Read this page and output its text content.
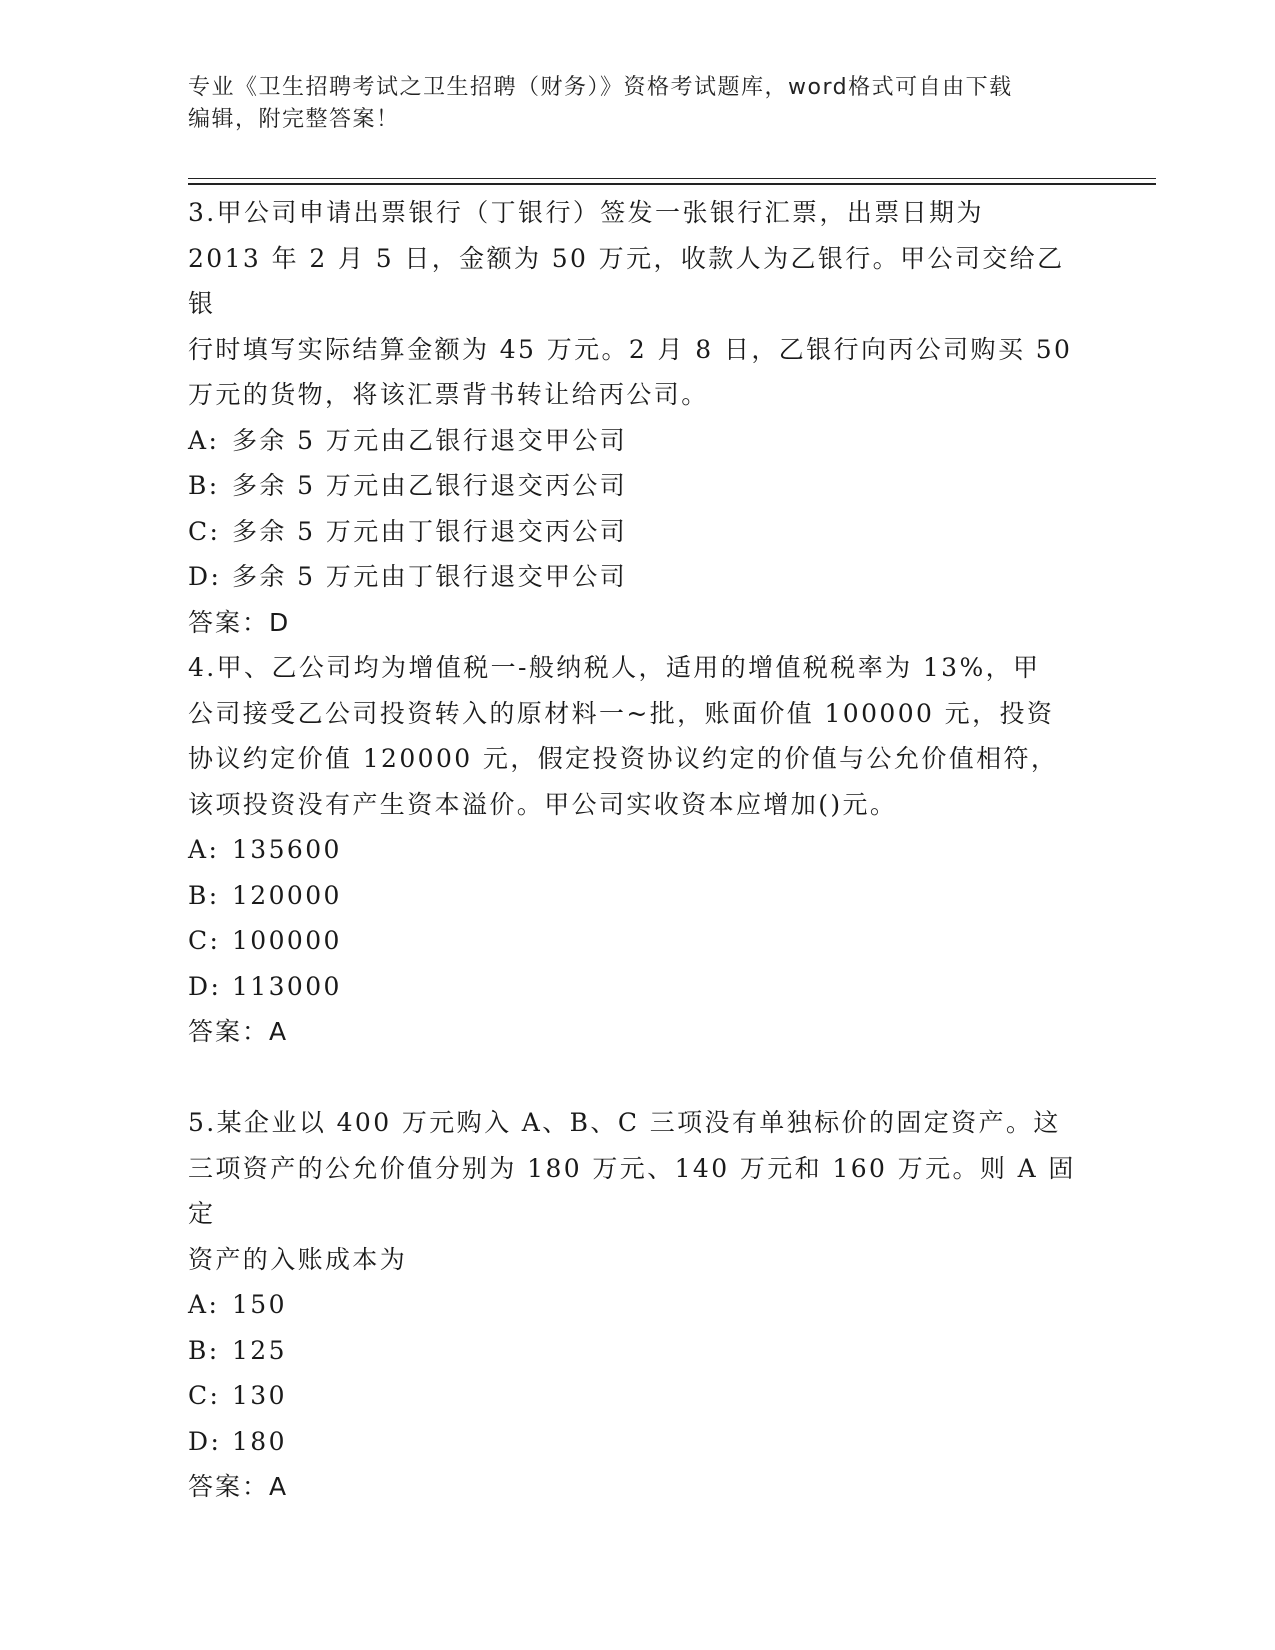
专业《卫生招聘考试之卫生招聘（财务）》资格考试题库，word格式可自由下载
编辑，附完整答案！

3.甲公司申请出票银行（丁银行）签发一张银行汇票，出票日期为

2013 年 2 月 5 日，金额为 50 万元，收款人为乙银行。甲公司交给乙银

行时填写实际结算金额为 45 万元。2 月 8 日，乙银行向丙公司购买 50

万元的货物，将该汇票背书转让给丙公司。

A: 多余 5 万元由乙银行退交甲公司

B: 多余 5 万元由乙银行退交丙公司

C: 多余 5 万元由丁银行退交丙公司

D: 多余 5 万元由丁银行退交甲公司

答案：D

4.甲、乙公司均为增值税一-般纳税人，适用的增值税税率为 13%，甲

公司接受乙公司投资转入的原材料一~批，账面价值 100000 元，投资

协议约定价值 120000 元，假定投资协议约定的价值与公允价值相符，

该项投资没有产生资本溢价。甲公司实收资本应增加()元。

A: 135600

B: 120000

C: 100000

D: 113000

答案：A

5.某企业以 400 万元购入 A、B、C 三项没有单独标价的固定资产。这

三项资产的公允价值分别为 180 万元、140 万元和 160 万元。则 A 固定

资产的入账成本为

A: 150

B: 125

C: 130

D: 180

答案：A
